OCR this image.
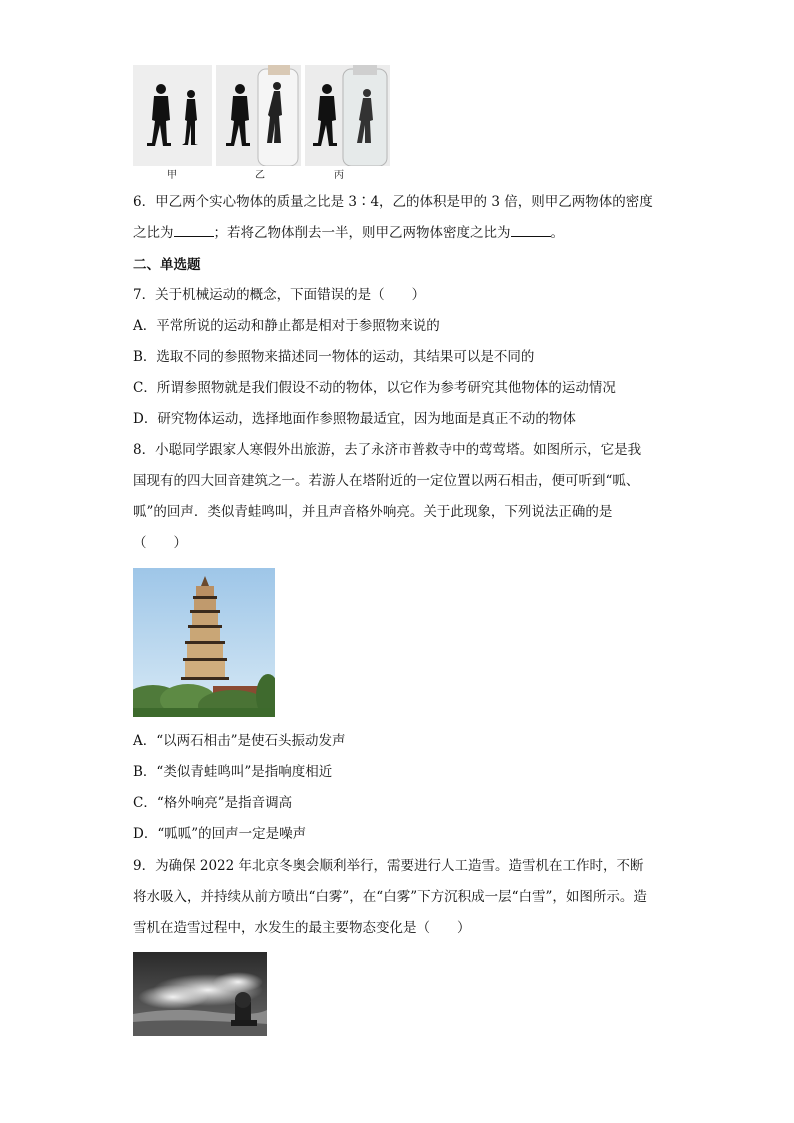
甲	乙	丙
6．甲乙两个实心物体的质量之比是 3∶4，乙的体积是甲的 3 倍，则甲乙两物体的密度
之比为	；若将乙物体削去一半，则甲乙两物体密度之比为	。
二、单选题
7．关于机械运动的概念，下面错误的是（　　）
A．平常所说的运动和静止都是相对于参照物来说的
B．选取不同的参照物来描述同一物体的运动，其结果可以是不同的
C．所谓参照物就是我们假设不动的物体，以它作为参考研究其他物体的运动情况
D．研究物体运动，选择地面作参照物最适宜，因为地面是真正不动的物体
8．小聪同学跟家人寒假外出旅游，去了永济市普救寺中的莺莺塔。如图所示，它是我
国现有的四大回音建筑之一。若游人在塔附近的一定位置以两石相击，便可听到“呱、
呱”的回声．类似青蛙鸣叫，并且声音格外响亮。关于此现象，下列说法正确的是
（　　）
A．“以两石相击”是使石头振动发声
B．“类似青蛙鸣叫”是指响度相近
C．“格外响亮”是指音调高
D．“呱呱”的回声一定是噪声
9．为确保 2022 年北京冬奥会顺利举行，需要进行人工造雪。造雪机在工作时，不断
将水吸入，并持续从前方喷出“白雾”，在“白雾”下方沉积成一层“白雪”，如图所示。造
雪机在造雪过程中，水发生的最主要物态变化是（　　）
